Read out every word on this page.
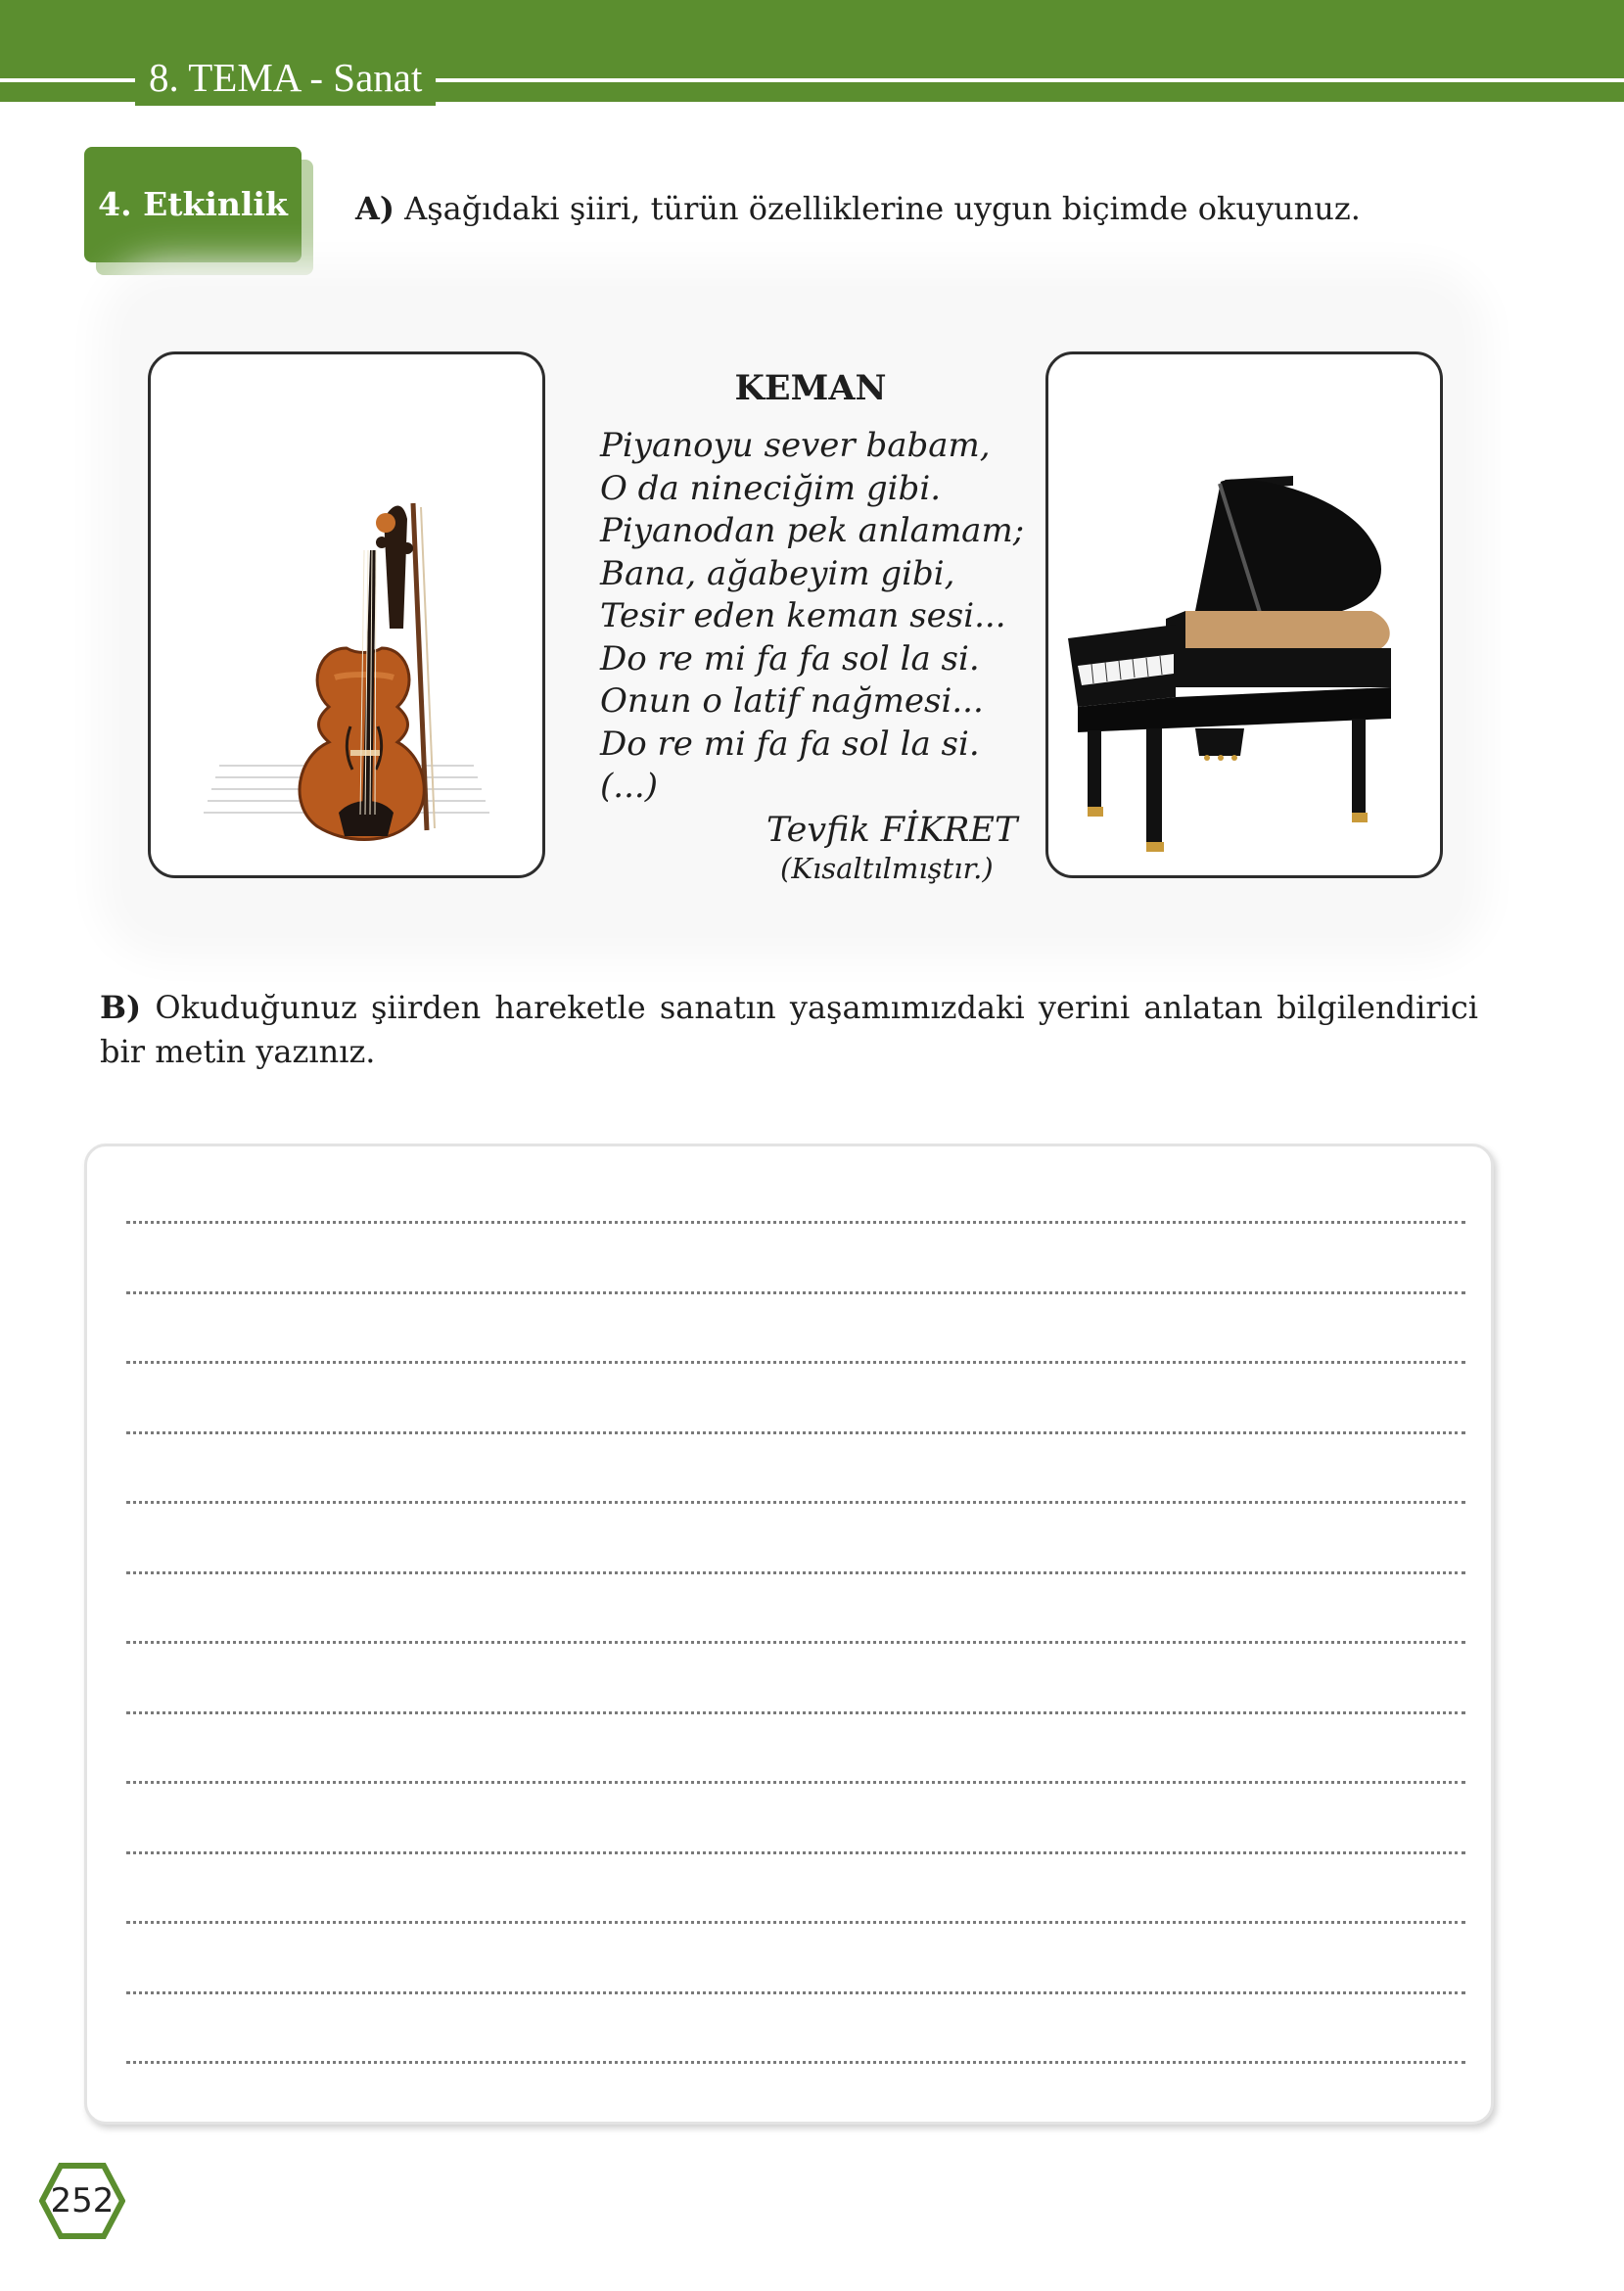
8. TEMA - Sanat
4. Etkinlik	A) Aşağıdaki şiiri, türün özelliklerine uygun biçimde okuyunuz.
KEMAN
Piyanoyu sever babam,
O da nineciğim gibi.
Piyanodan pek anlamam;
Bana, ağabeyim gibi,
Tesir eden keman sesi...
Do re mi fa fa sol la si.
Onun o latif nağmesi...
Do re mi fa fa sol la si.
(...)
Tevfik FİKRET
(Kısaltılmıştır.)
B) Okuduğunuz şiirden hareketle sanatın yaşamımızdaki yerini anlatan bilgilendirici bir metin yazınız.
252
